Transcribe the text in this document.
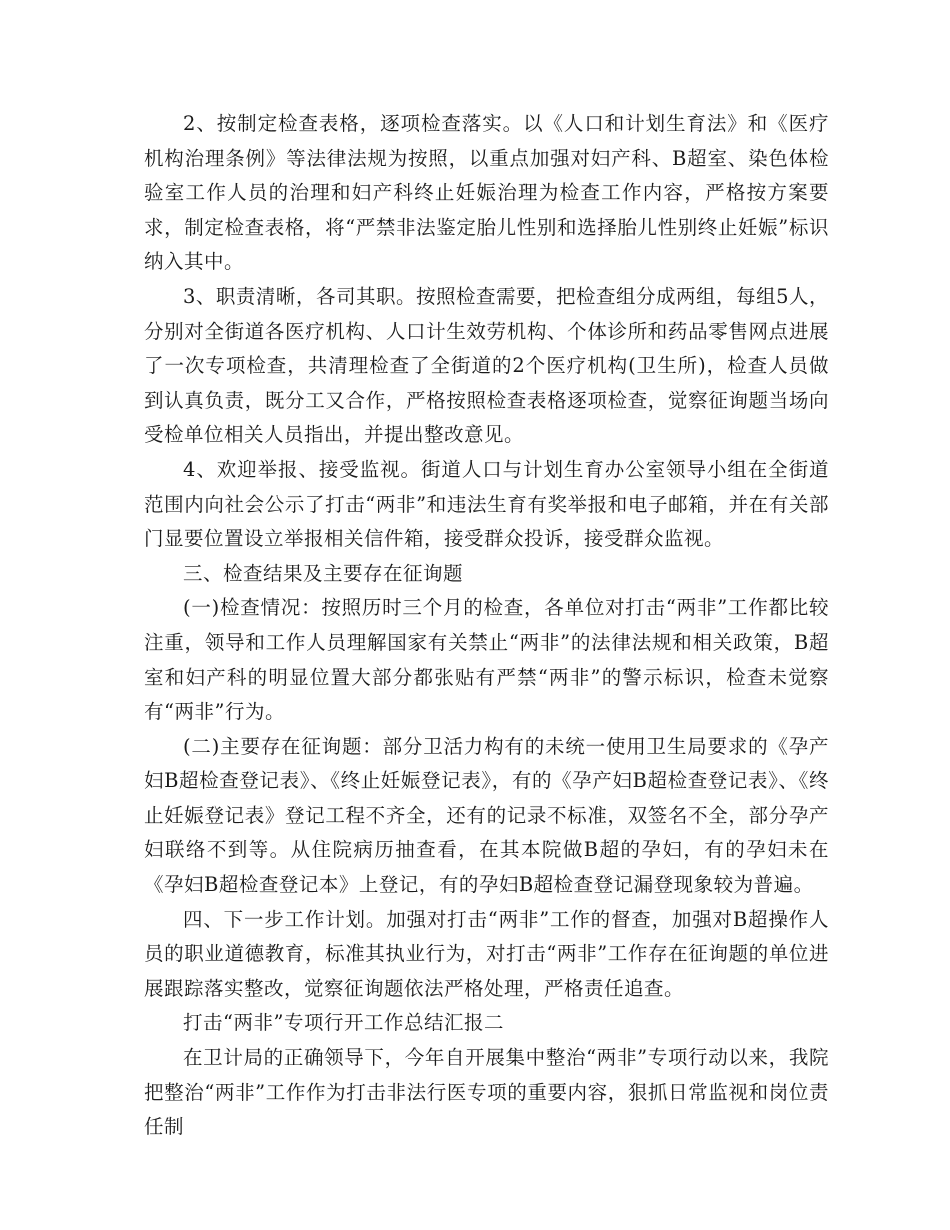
2、按制定检查表格，逐项检查落实。以《人口和计划生育法》和《医疗机构治理条例》等法律法规为按照，以重点加强对妇产科、B超室、染色体检验室工作人员的治理和妇产科终止妊娠治理为检查工作内容，严格按方案要求，制定检查表格，将“严禁非法鉴定胎儿性别和选择胎儿性别终止妊娠”标识纳入其中。

3、职责清晰，各司其职。按照检查需要，把检查组分成两组，每组5人，分别对全街道各医疗机构、人口计生效劳机构、个体诊所和药品零售网点进展了一次专项检查，共清理检查了全街道的2个医疗机构(卫生所)，检查人员做到认真负责，既分工又合作，严格按照检查表格逐项检查，觉察征询题当场向受检单位相关人员指出，并提出整改意见。

4、欢迎举报、接受监视。街道人口与计划生育办公室领导小组在全街道范围内向社会公示了打击“两非”和违法生育有奖举报和电子邮箱，并在有关部门显要位置设立举报相关信件箱，接受群众投诉，接受群众监视。

三、检查结果及主要存在征询题

(一)检查情况：按照历时三个月的检查，各单位对打击“两非”工作都比较注重，领导和工作人员理解国家有关禁止“两非”的法律法规和相关政策，B超室和妇产科的明显位置大部分都张贴有严禁“两非”的警示标识，检查未觉察有“两非”行为。

(二)主要存在征询题：部分卫活力构有的未统一使用卫生局要求的《孕产妇B超检查登记表》、《终止妊娠登记表》，有的《孕产妇B超检查登记表》、《终止妊娠登记表》登记工程不齐全，还有的记录不标准，双签名不全，部分孕产妇联络不到等。从住院病历抽查看，在其本院做B超的孕妇，有的孕妇未在《孕妇B超检查登记本》上登记，有的孕妇B超检查登记漏登现象较为普遍。

四、下一步工作计划。加强对打击“两非”工作的督查，加强对B超操作人员的职业道德教育，标准其执业行为，对打击“两非”工作存在征询题的单位进展跟踪落实整改，觉察征询题依法严格处理，严格责任追查。

打击“两非”专项行开工作总结汇报二

在卫计局的正确领导下，今年自开展集中整治“两非”专项行动以来，我院把整治“两非”工作作为打击非法行医专项的重要内容，狠抓日常监视和岗位责任制
